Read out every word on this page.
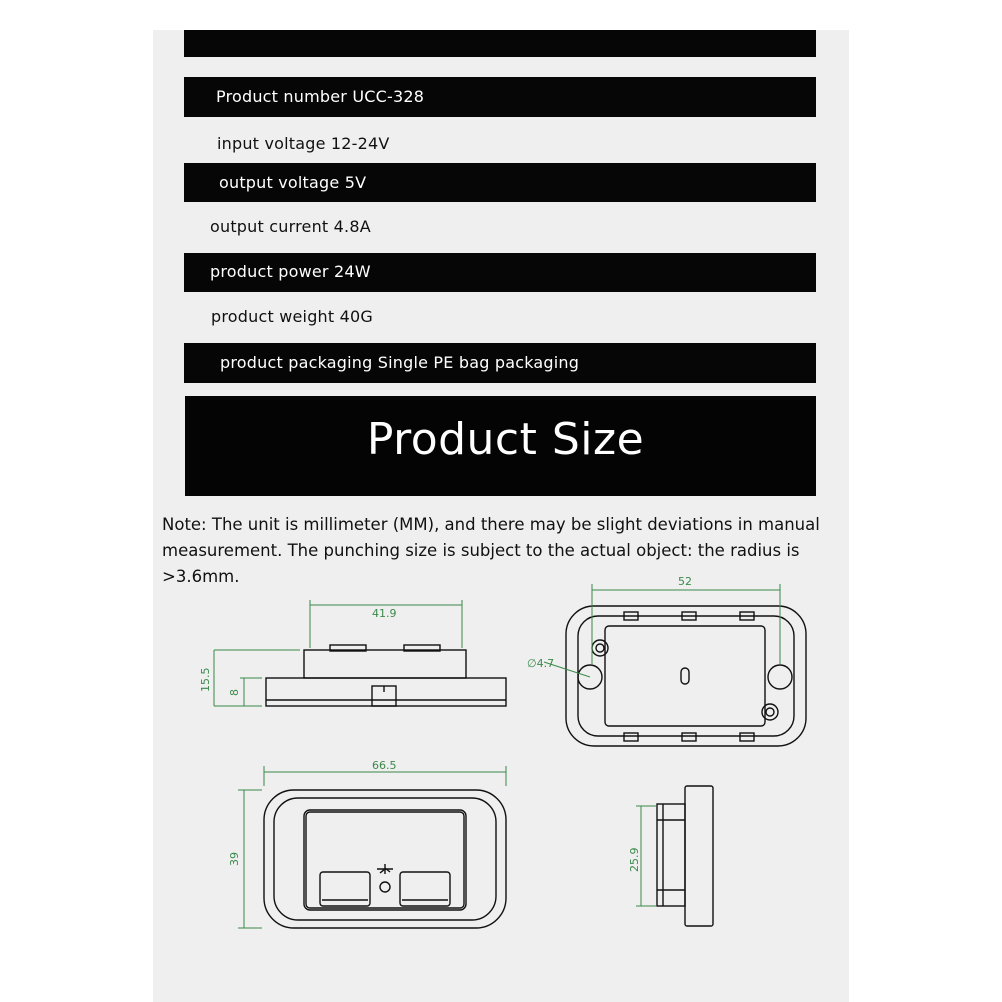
Product number UCC-328
input voltage 12-24V
output voltage 5V
output current 4.8A
product power 24W
product weight 40G
product packaging Single PE bag packaging
Product Size
Note: The unit is millimeter (MM), and there may be slight deviations in manual measurement. The punching size is subject to the actual object: the radius is >3.6mm.
41.9
15.5
8
52
∅4.7
66.5
39	25.9
